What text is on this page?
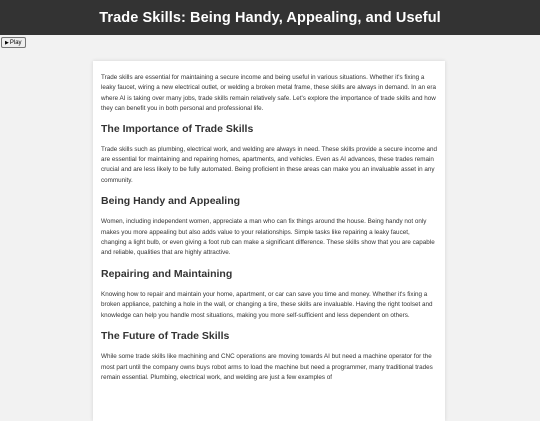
Trade Skills: Being Handy, Appealing, and Useful
▶ Play

Trade skills are essential for maintaining a secure income and being useful in various situations. Whether it's fixing a leaky faucet, wiring a new electrical outlet, or welding a broken metal frame, these skills are always in demand. In an era where AI is taking over many jobs, trade skills remain relatively safe. Let's explore the importance of trade skills and how they can benefit you in both personal and professional life.

The Importance of Trade Skills

Trade skills such as plumbing, electrical work, and welding are always in need. These skills provide a secure income and are essential for maintaining and repairing homes, apartments, and vehicles. Even as AI advances, these trades remain crucial and are less likely to be fully automated. Being proficient in these areas can make you an invaluable asset in any community.

Being Handy and Appealing

Women, including independent women, appreciate a man who can fix things around the house. Being handy not only makes you more appealing but also adds value to your relationships. Simple tasks like repairing a leaky faucet, changing a light bulb, or even giving a foot rub can make a significant difference. These skills show that you are capable and reliable, qualities that are highly attractive.

Repairing and Maintaining

Knowing how to repair and maintain your home, apartment, or car can save you time and money. Whether it's fixing a broken appliance, patching a hole in the wall, or changing a tire, these skills are invaluable. Having the right toolset and knowledge can help you handle most situations, making you more self-sufficient and less dependent on others.

The Future of Trade Skills

While some trade skills like machining and CNC operations are moving towards AI but need a machine operator for the most part until the company owns buys robot arms to load the machine but need a programmer, many traditional trades remain essential. Plumbing, electrical work, and welding are just a few examples of
